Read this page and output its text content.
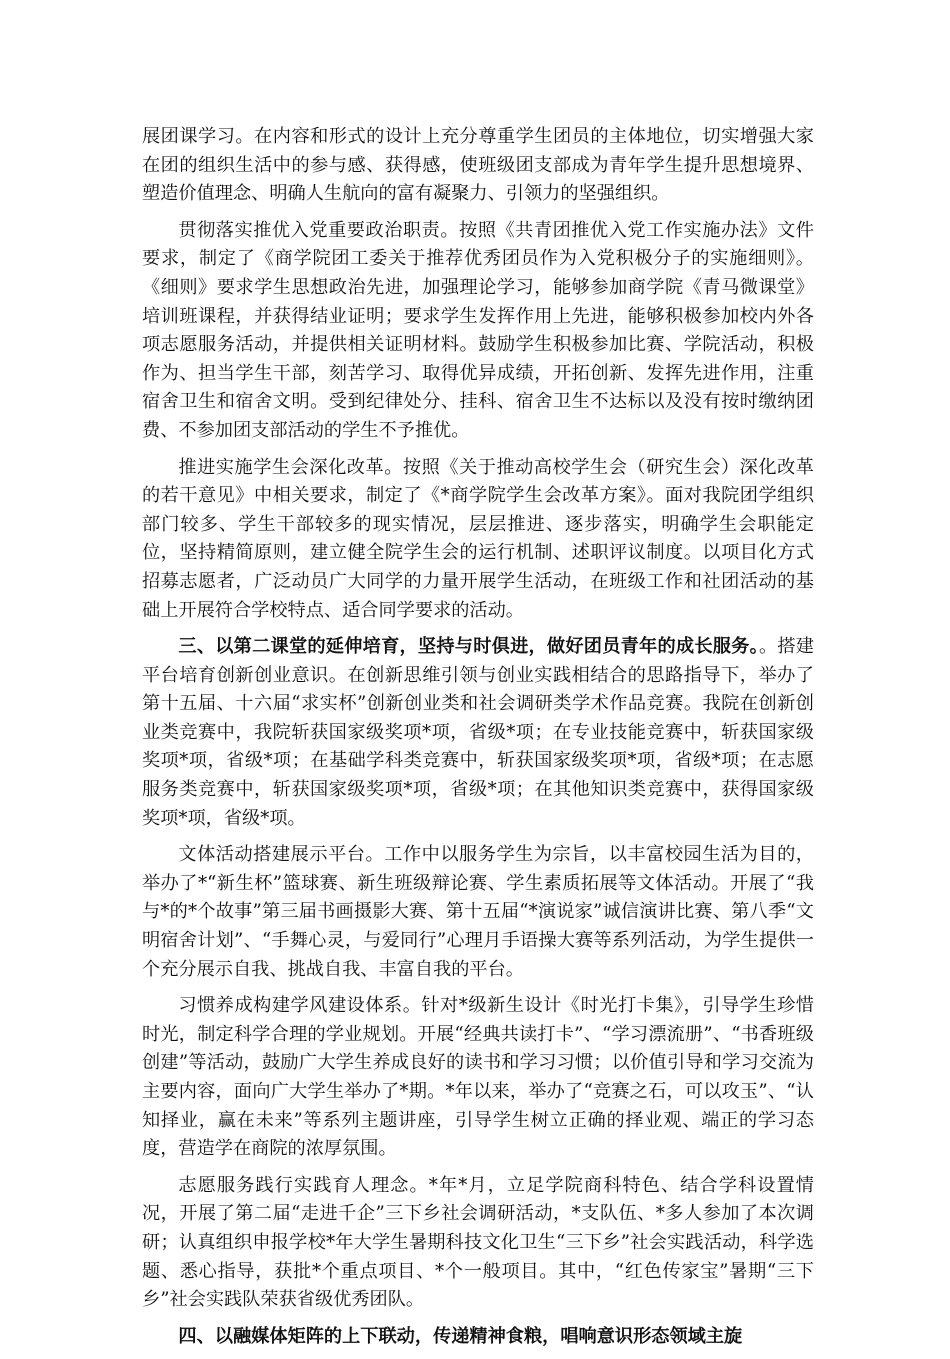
展团课学习。在内容和形式的设计上充分尊重学生团员的主体地位，切实增强大家在团的组织生活中的参与感、获得感，使班级团支部成为青年学生提升思想境界、塑造价值理念、明确人生航向的富有凝聚力、引领力的坚强组织。

贯彻落实推优入党重要政治职责。按照《共青团推优入党工作实施办法》文件要求，制定了《商学院团工委关于推荐优秀团员作为入党积极分子的实施细则》。《细则》要求学生思想政治先进，加强理论学习，能够参加商学院《青马微课堂》培训班课程，并获得结业证明；要求学生发挥作用上先进，能够积极参加校内外各项志愿服务活动，并提供相关证明材料。鼓励学生积极参加比赛、学院活动，积极作为、担当学生干部，刻苦学习、取得优异成绩，开拓创新、发挥先进作用，注重宿舍卫生和宿舍文明。受到纪律处分、挂科、宿舍卫生不达标以及没有按时缴纳团费、不参加团支部活动的学生不予推优。

推进实施学生会深化改革。按照《关于推动高校学生会（研究生会）深化改革的若干意见》中相关要求，制定了《*商学院学生会改革方案》。面对我院团学组织部门较多、学生干部较多的现实情况，层层推进、逐步落实，明确学生会职能定位，坚持精简原则，建立健全院学生会的运行机制、述职评议制度。以项目化方式招募志愿者，广泛动员广大同学的力量开展学生活动，在班级工作和社团活动的基础上开展符合学校特点、适合同学要求的活动。

三、以第二课堂的延伸培育，坚持与时俱进，做好团员青年的成长服务。。搭建平台培育创新创业意识。在创新思维引领与创业实践相结合的思路指导下，举办了第十五届、十六届“求实杯”创新创业类和社会调研类学术作品竞赛。我院在创新创业类竞赛中，我院斩获国家级奖项*项，省级*项；在专业技能竞赛中，斩获国家级奖项*项，省级*项；在基础学科类竞赛中，斩获国家级奖项*项，省级*项；在志愿服务类竞赛中，斩获国家级奖项*项，省级*项；在其他知识类竞赛中，获得国家级奖项*项，省级*项。

文体活动搭建展示平台。工作中以服务学生为宗旨，以丰富校园生活为目的，举办了*“新生杯”篮球赛、新生班级辩论赛、学生素质拓展等文体活动。开展了“我与*的*个故事”第三届书画摄影大赛、第十五届“*演说家”诚信演讲比赛、第八季“文明宿舍计划”、“手舞心灵，与爱同行”心理月手语操大赛等系列活动，为学生提供一个充分展示自我、挑战自我、丰富自我的平台。

习惯养成构建学风建设体系。针对*级新生设计《时光打卡集》，引导学生珍惜时光，制定科学合理的学业规划。开展“经典共读打卡”、“学习漂流册”、“书香班级创建”等活动，鼓励广大学生养成良好的读书和学习习惯；以价值引导和学习交流为主要内容，面向广大学生举办了*期。*年以来，举办了“竞赛之石，可以攻玉”、“认知择业，赢在未来”等系列主题讲座，引导学生树立正确的择业观、端正的学习态度，营造学在商院的浓厚氛围。

志愿服务践行实践育人理念。*年*月，立足学院商科特色、结合学科设置情况，开展了第二届“走进千企”三下乡社会调研活动，*支队伍、*多人参加了本次调研；认真组织申报学校*年大学生暑期科技文化卫生“三下乡”社会实践活动，科学选题、悉心指导，获批*个重点项目、*个一般项目。其中，“红色传家宝”暑期“三下乡”社会实践队荣获省级优秀团队。

四、以融媒体矩阵的上下联动，传递精神食粮，唱响意识形态领域主旋
